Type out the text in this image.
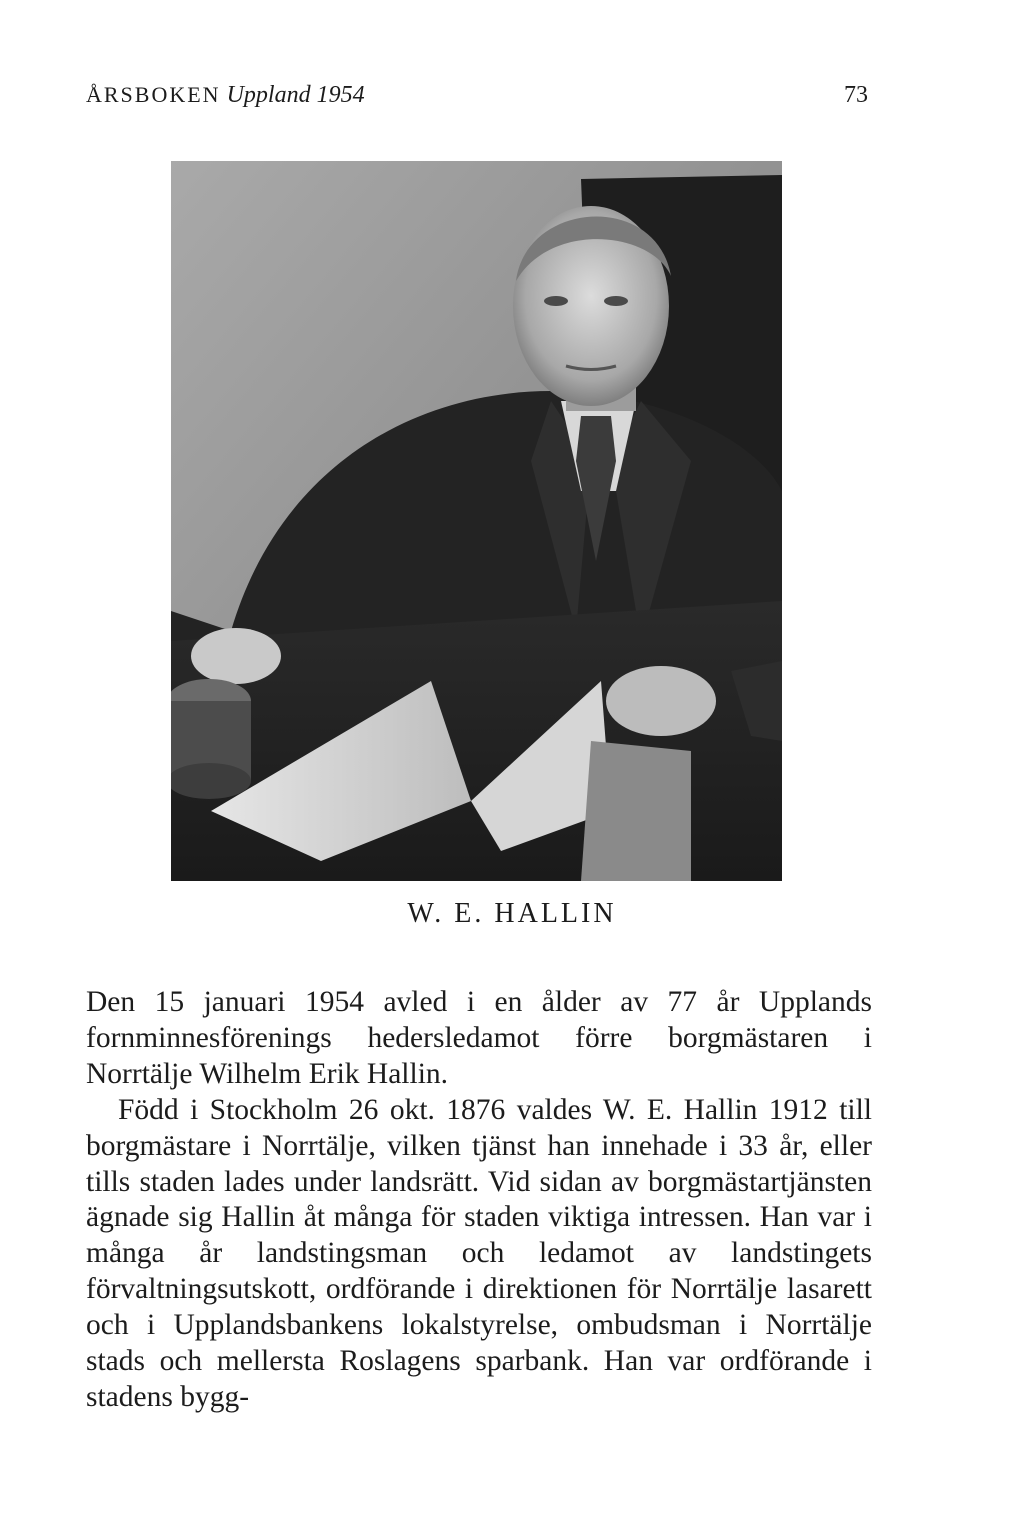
ÅRSBOKEN Uppland 1954	73
W. E. HALLIN

Den 15 januari 1954 avled i en ålder av 77 år Upplands fornminnesförenings hedersledamot förre borgmästaren i Norrtälje Wilhelm Erik Hallin.

Född i Stockholm 26 okt. 1876 valdes W. E. Hallin 1912 till borgmästare i Norrtälje, vilken tjänst han innehade i 33 år, eller tills staden lades under landsrätt. Vid sidan av borgmästartjänsten ägnade sig Hallin åt många för staden viktiga intressen. Han var i många år landstingsman och ledamot av landstingets förvaltningsutskott, ordförande i direktionen för Norrtälje lasarett och i Upplandsbankens lokalstyrelse, ombudsman i Norrtälje stads och mellersta Roslagens sparbank. Han var ordförande i stadens bygg-
